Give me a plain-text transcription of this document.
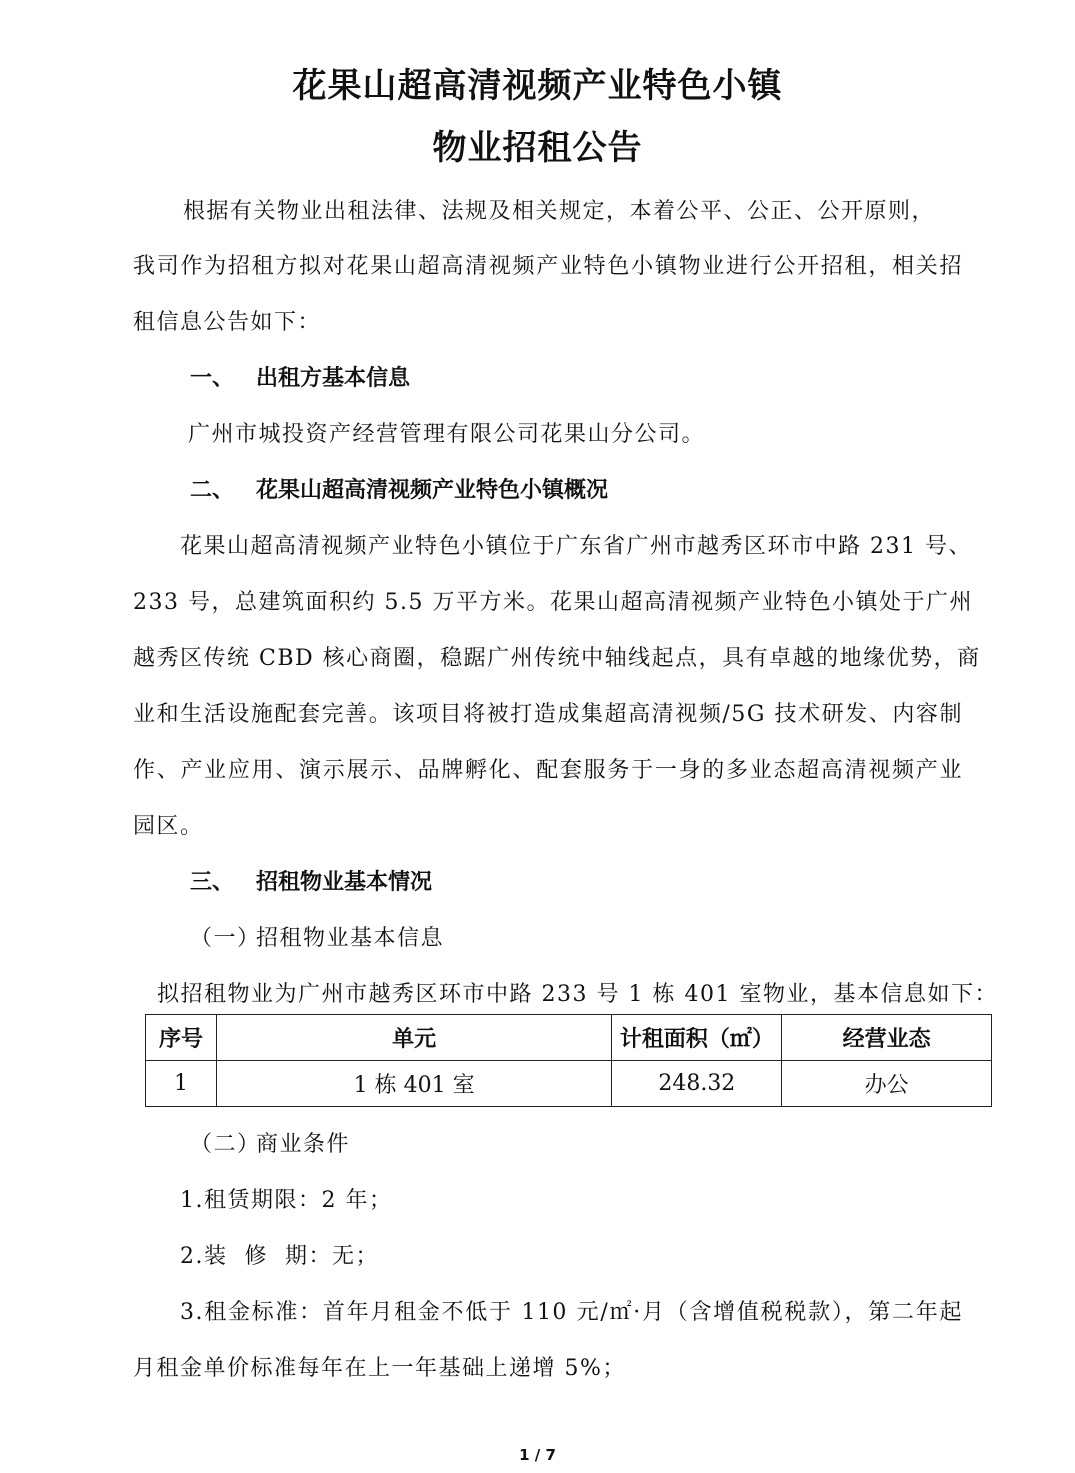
花果山超高清视频产业特色小镇
物业招租公告
根据有关物业出租法律、法规及相关规定，本着公平、公正、公开原则，
我司作为招租方拟对花果山超高清视频产业特色小镇物业进行公开招租，相关招
租信息公告如下：
一、 出租方基本信息
广州市城投资产经营管理有限公司花果山分公司。
二、 花果山超高清视频产业特色小镇概况
花果山超高清视频产业特色小镇位于广东省广州市越秀区环市中路 231 号、
233 号，总建筑面积约 5.5 万平方米。花果山超高清视频产业特色小镇处于广州
越秀区传统 CBD 核心商圈，稳踞广州传统中轴线起点，具有卓越的地缘优势，商
业和生活设施配套完善。该项目将被打造成集超高清视频/5G 技术研发、内容制
作、产业应用、演示展示、品牌孵化、配套服务于一身的多业态超高清视频产业
园区。
三、 招租物业基本情况
（一）招租物业基本信息
拟招租物业为广州市越秀区环市中路 233 号 1 栋 401 室物业，基本信息如下：
序号	单元	计租面积（㎡）	经营业态
1	1 栋 401 室	248.32	办公
（二）商业条件
1.租赁期限：2 年；
2.装  修  期：无；
3.租金标准：首年月租金不低于 110 元/㎡·月（含增值税税款），第二年起
月租金单价标准每年在上一年基础上递增 5%；
1 / 7
